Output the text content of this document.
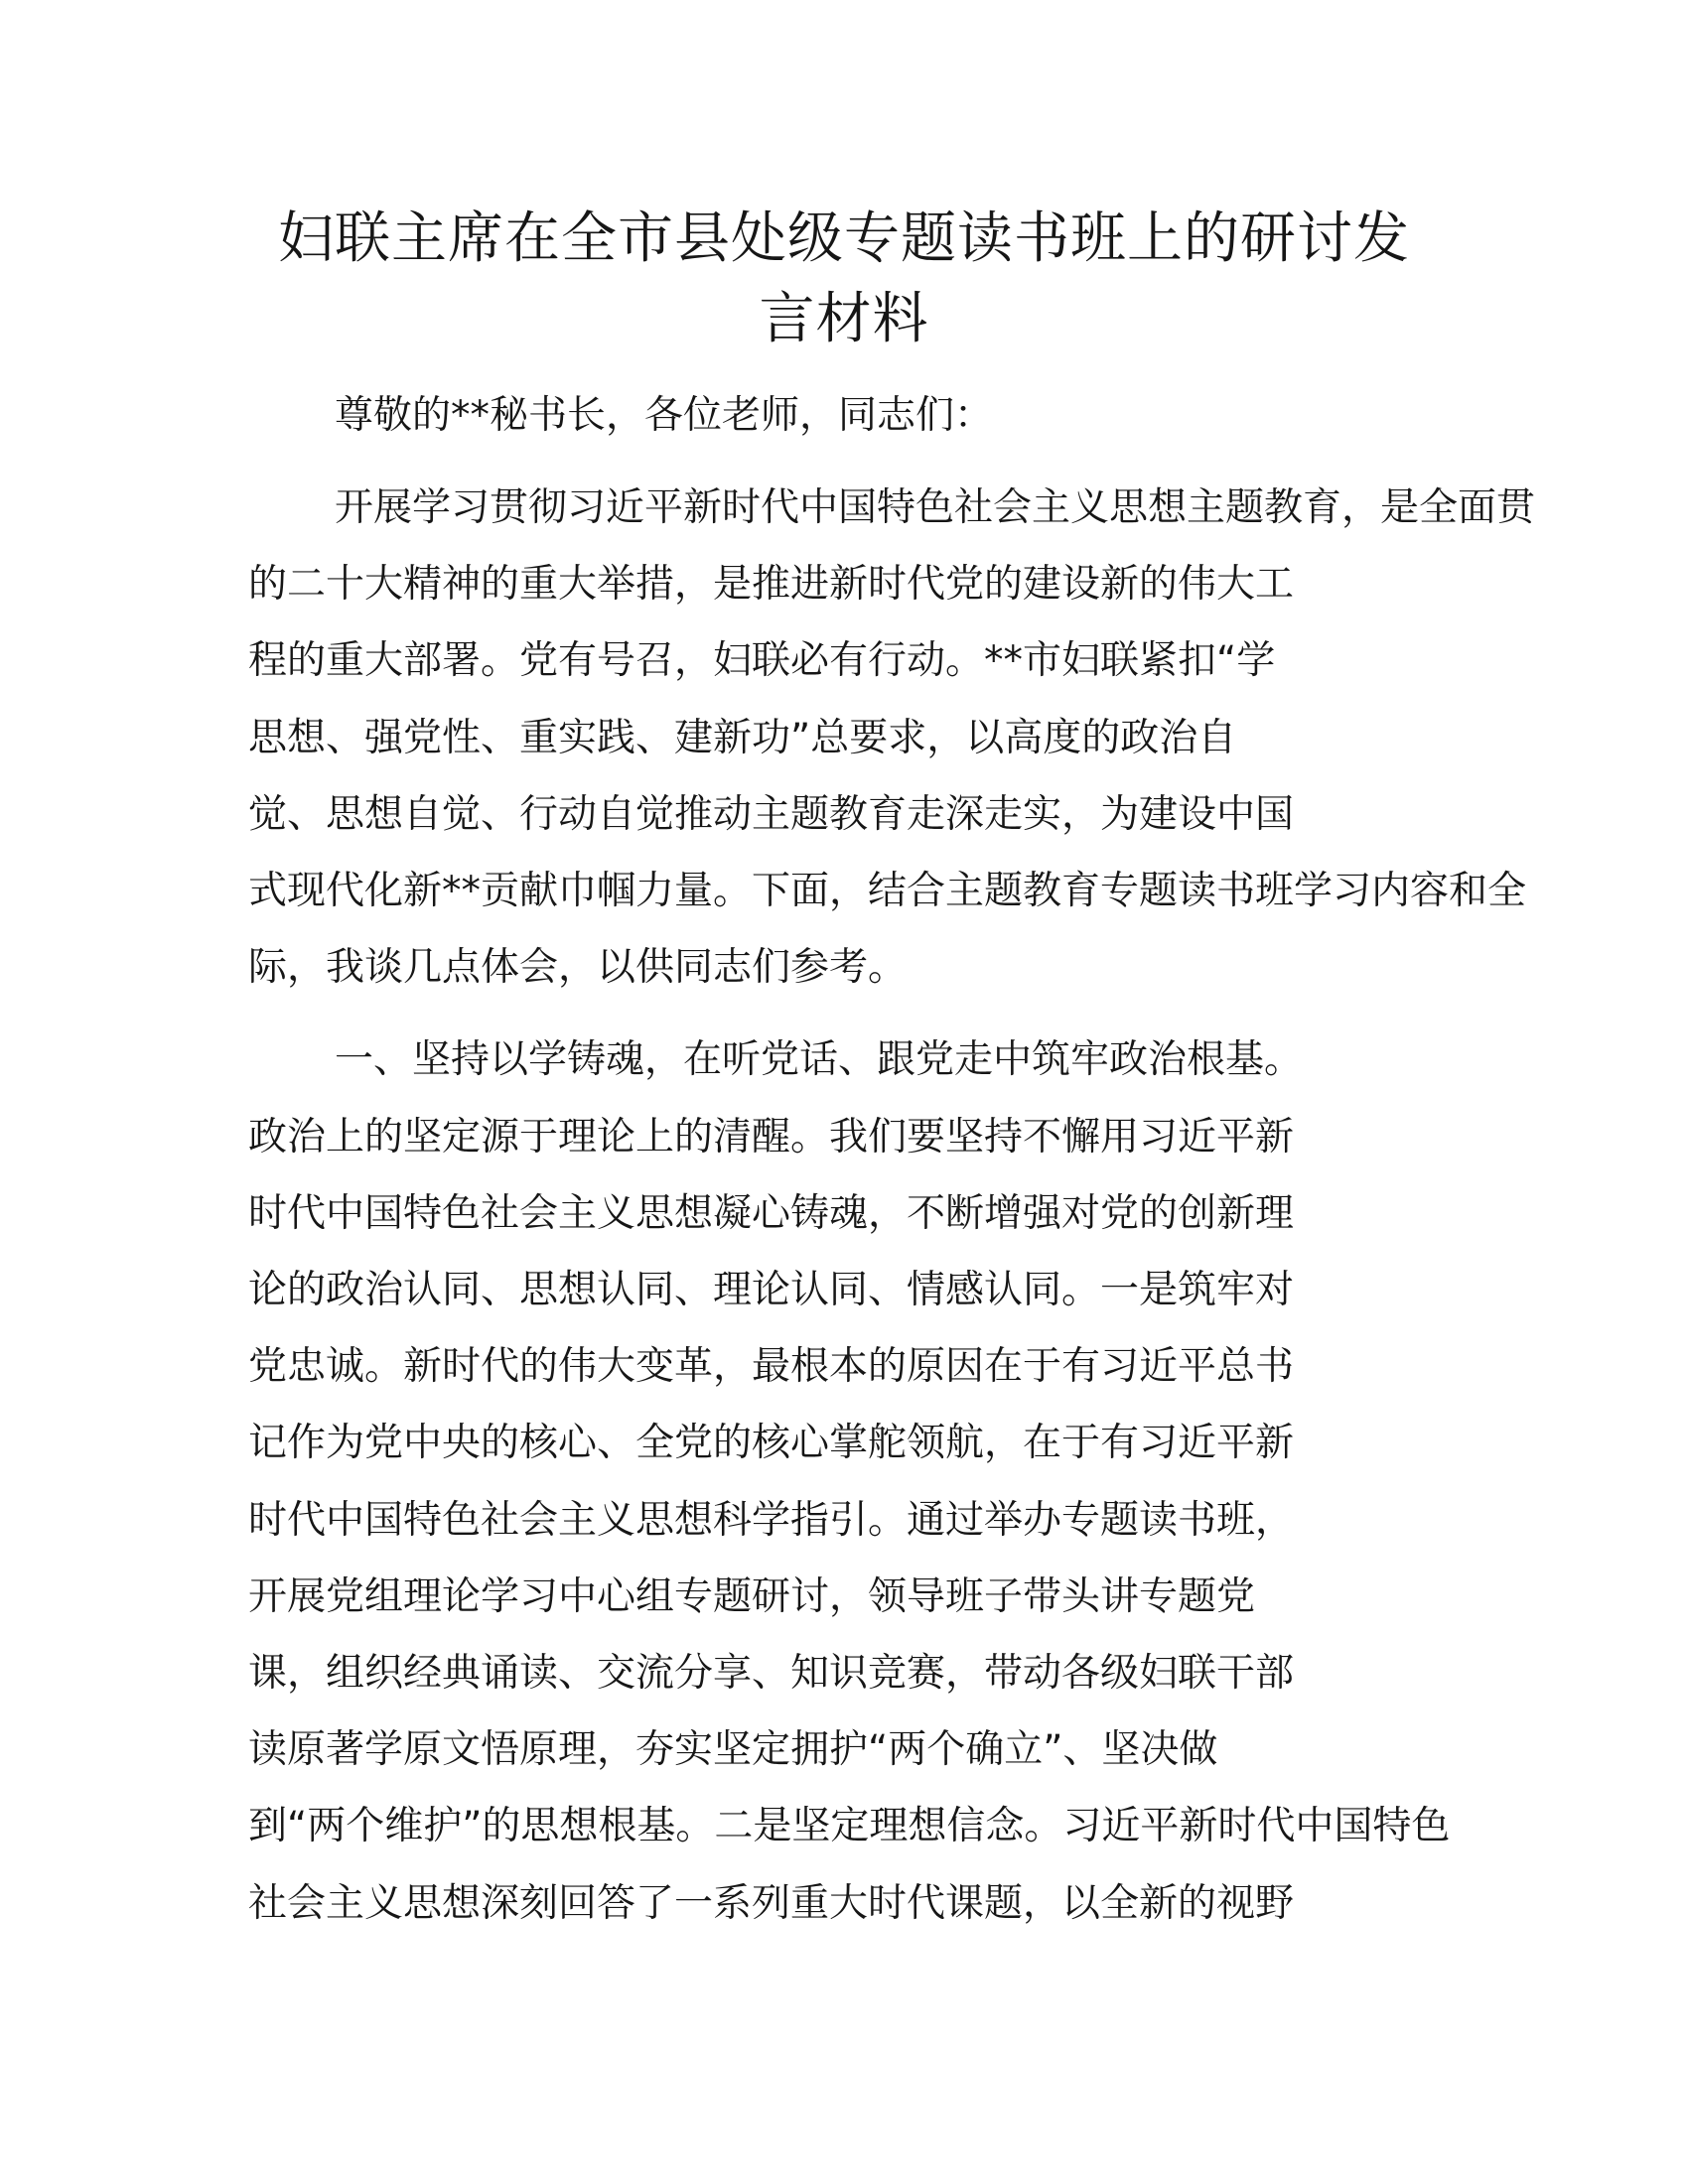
妇联主席在全市县处级专题读书班上的研讨发
言材料
尊敬的**秘书长，各位老师，同志们：
开展学习贯彻习近平新时代中国特色社会主义思想主题教育，是全面贯
的二十大精神的重大举措，是推进新时代党的建设新的伟大工
程的重大部署。党有号召，妇联必有行动。**市妇联紧扣“学
思想、强党性、重实践、建新功”总要求，以高度的政治自
觉、思想自觉、行动自觉推动主题教育走深走实，为建设中国
式现代化新**贡献巾帼力量。下面，结合主题教育专题读书班学习内容和全
际，我谈几点体会，以供同志们参考。
一、坚持以学铸魂，在听党话、跟党走中筑牢政治根基。
政治上的坚定源于理论上的清醒。我们要坚持不懈用习近平新
时代中国特色社会主义思想凝心铸魂，不断增强对党的创新理
论的政治认同、思想认同、理论认同、情感认同。一是筑牢对
党忠诚。新时代的伟大变革，最根本的原因在于有习近平总书
记作为党中央的核心、全党的核心掌舵领航，在于有习近平新
时代中国特色社会主义思想科学指引。通过举办专题读书班，
开展党组理论学习中心组专题研讨，领导班子带头讲专题党
课，组织经典诵读、交流分享、知识竞赛，带动各级妇联干部
读原著学原文悟原理，夯实坚定拥护“两个确立”、坚决做
到“两个维护”的思想根基。二是坚定理想信念。习近平新时代中国特色
社会主义思想深刻回答了一系列重大时代课题，以全新的视野
